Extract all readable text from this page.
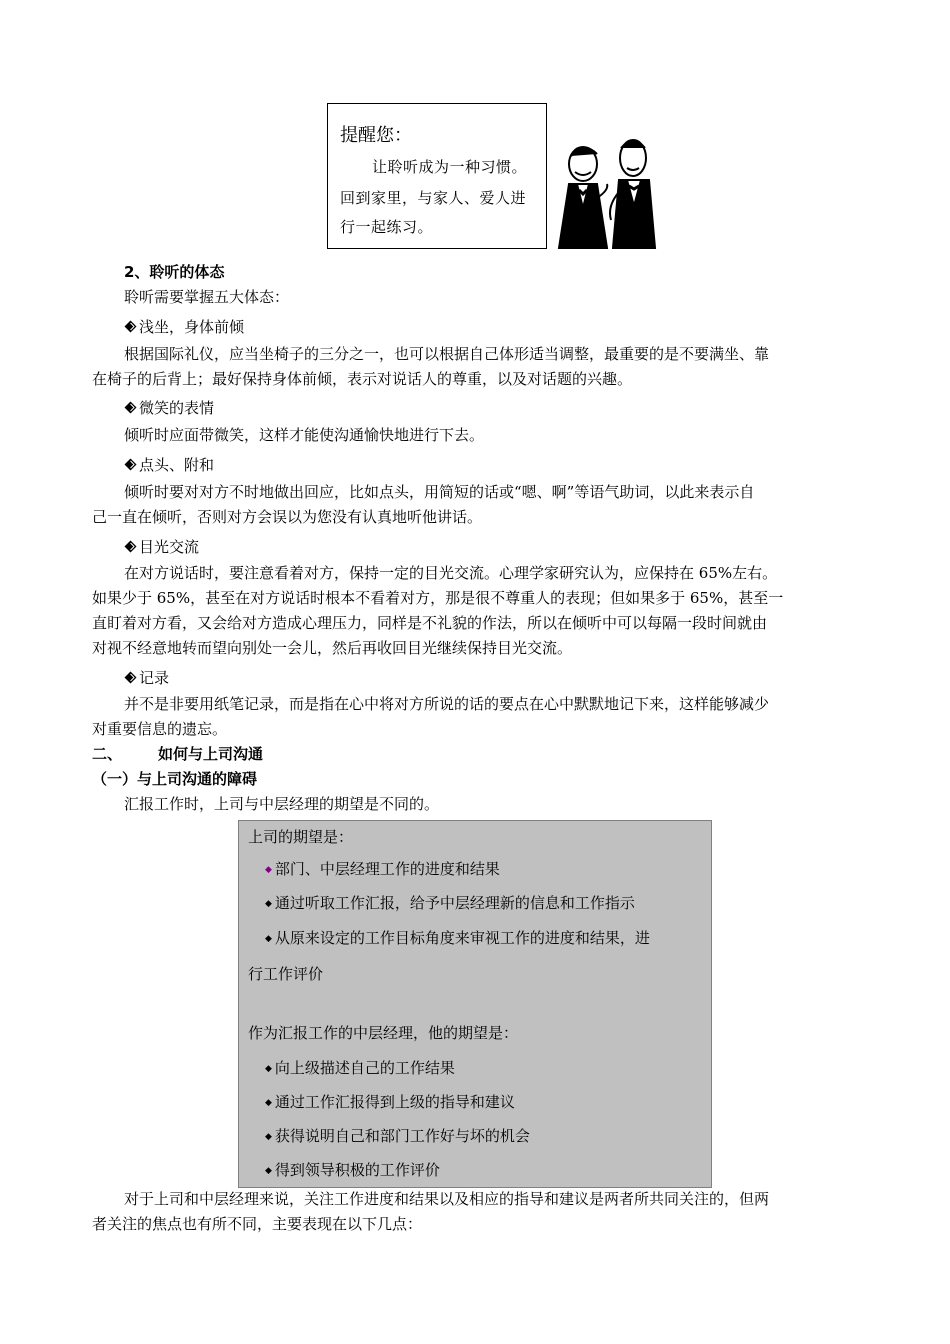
提醒您：
让聆听成为一种习惯。
回到家里，与家人、爱人进
行一起练习。
2、聆听的体态
聆听需要掌握五大体态：
浅坐，身体前倾
根据国际礼仪，应当坐椅子的三分之一，也可以根据自己体形适当调整，最重要的是不要满坐、靠
在椅子的后背上；最好保持身体前倾，表示对说话人的尊重，以及对话题的兴趣。
微笑的表情
倾听时应面带微笑，这样才能使沟通愉快地进行下去。
点头、附和
倾听时要对对方不时地做出回应，比如点头，用简短的话或“嗯、啊”等语气助词，以此来表示自
己一直在倾听，否则对方会误以为您没有认真地听他讲话。
目光交流
在对方说话时，要注意看着对方，保持一定的目光交流。心理学家研究认为，应保持在 65%左右。
如果少于 65%，甚至在对方说话时根本不看着对方，那是很不尊重人的表现；但如果多于 65%，甚至一
直盯着对方看，又会给对方造成心理压力，同样是不礼貌的作法，所以在倾听中可以每隔一段时间就由
对视不经意地转而望向别处一会儿，然后再收回目光继续保持目光交流。
记录
并不是非要用纸笔记录，而是指在心中将对方所说的话的要点在心中默默地记下来，这样能够减少
对重要信息的遗忘。
二、 如何与上司沟通
（一）与上司沟通的障碍
汇报工作时，上司与中层经理的期望是不同的。
上司的期望是：
◆ 部门、中层经理工作的进度和结果
◆ 通过听取工作汇报，给予中层经理新的信息和工作指示
◆ 从原来设定的工作目标角度来审视工作的进度和结果，进
行工作评价
作为汇报工作的中层经理，他的期望是：
◆ 向上级描述自己的工作结果
◆ 通过工作汇报得到上级的指导和建议
◆ 获得说明自己和部门工作好与坏的机会
◆ 得到领导积极的工作评价
对于上司和中层经理来说，关注工作进度和结果以及相应的指导和建议是两者所共同关注的，但两
者关注的焦点也有所不同，主要表现在以下几点：
